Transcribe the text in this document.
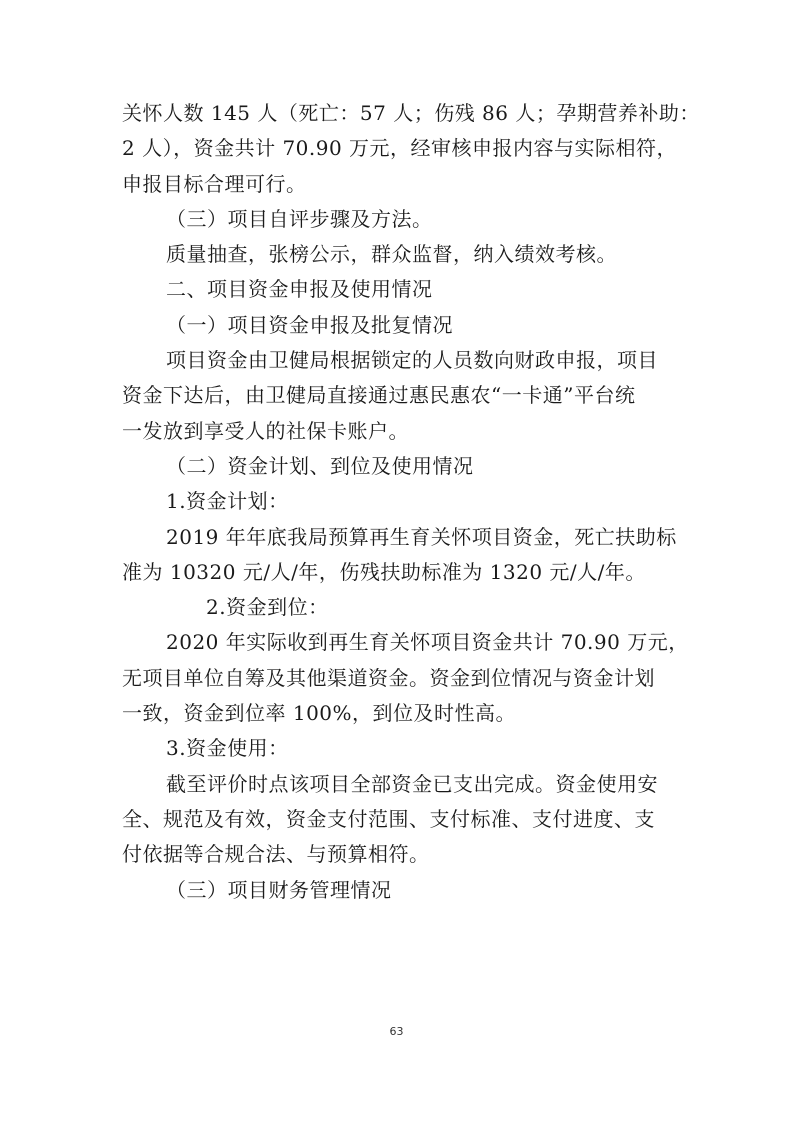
关怀人数 145 人（死亡：57 人；伤残 86 人；孕期营养补助：
2 人），资金共计 70.90 万元，经审核申报内容与实际相符，
申报目标合理可行。
（三）项目自评步骤及方法。
质量抽查，张榜公示，群众监督，纳入绩效考核。
二、项目资金申报及使用情况
（一）项目资金申报及批复情况
项目资金由卫健局根据锁定的人员数向财政申报，项目
资金下达后，由卫健局直接通过惠民惠农“一卡通”平台统
一发放到享受人的社保卡账户。
（二）资金计划、到位及使用情况
1.资金计划：
2019 年年底我局预算再生育关怀项目资金，死亡扶助标
准为 10320 元/人/年，伤残扶助标准为 1320 元/人/年。
2.资金到位：
2020 年实际收到再生育关怀项目资金共计 70.90 万元，
无项目单位自筹及其他渠道资金。资金到位情况与资金计划
一致，资金到位率 100%，到位及时性高。
3.资金使用：
截至评价时点该项目全部资金已支出完成。资金使用安
全、规范及有效，资金支付范围、支付标准、支付进度、支
付依据等合规合法、与预算相符。
（三）项目财务管理情况
63
